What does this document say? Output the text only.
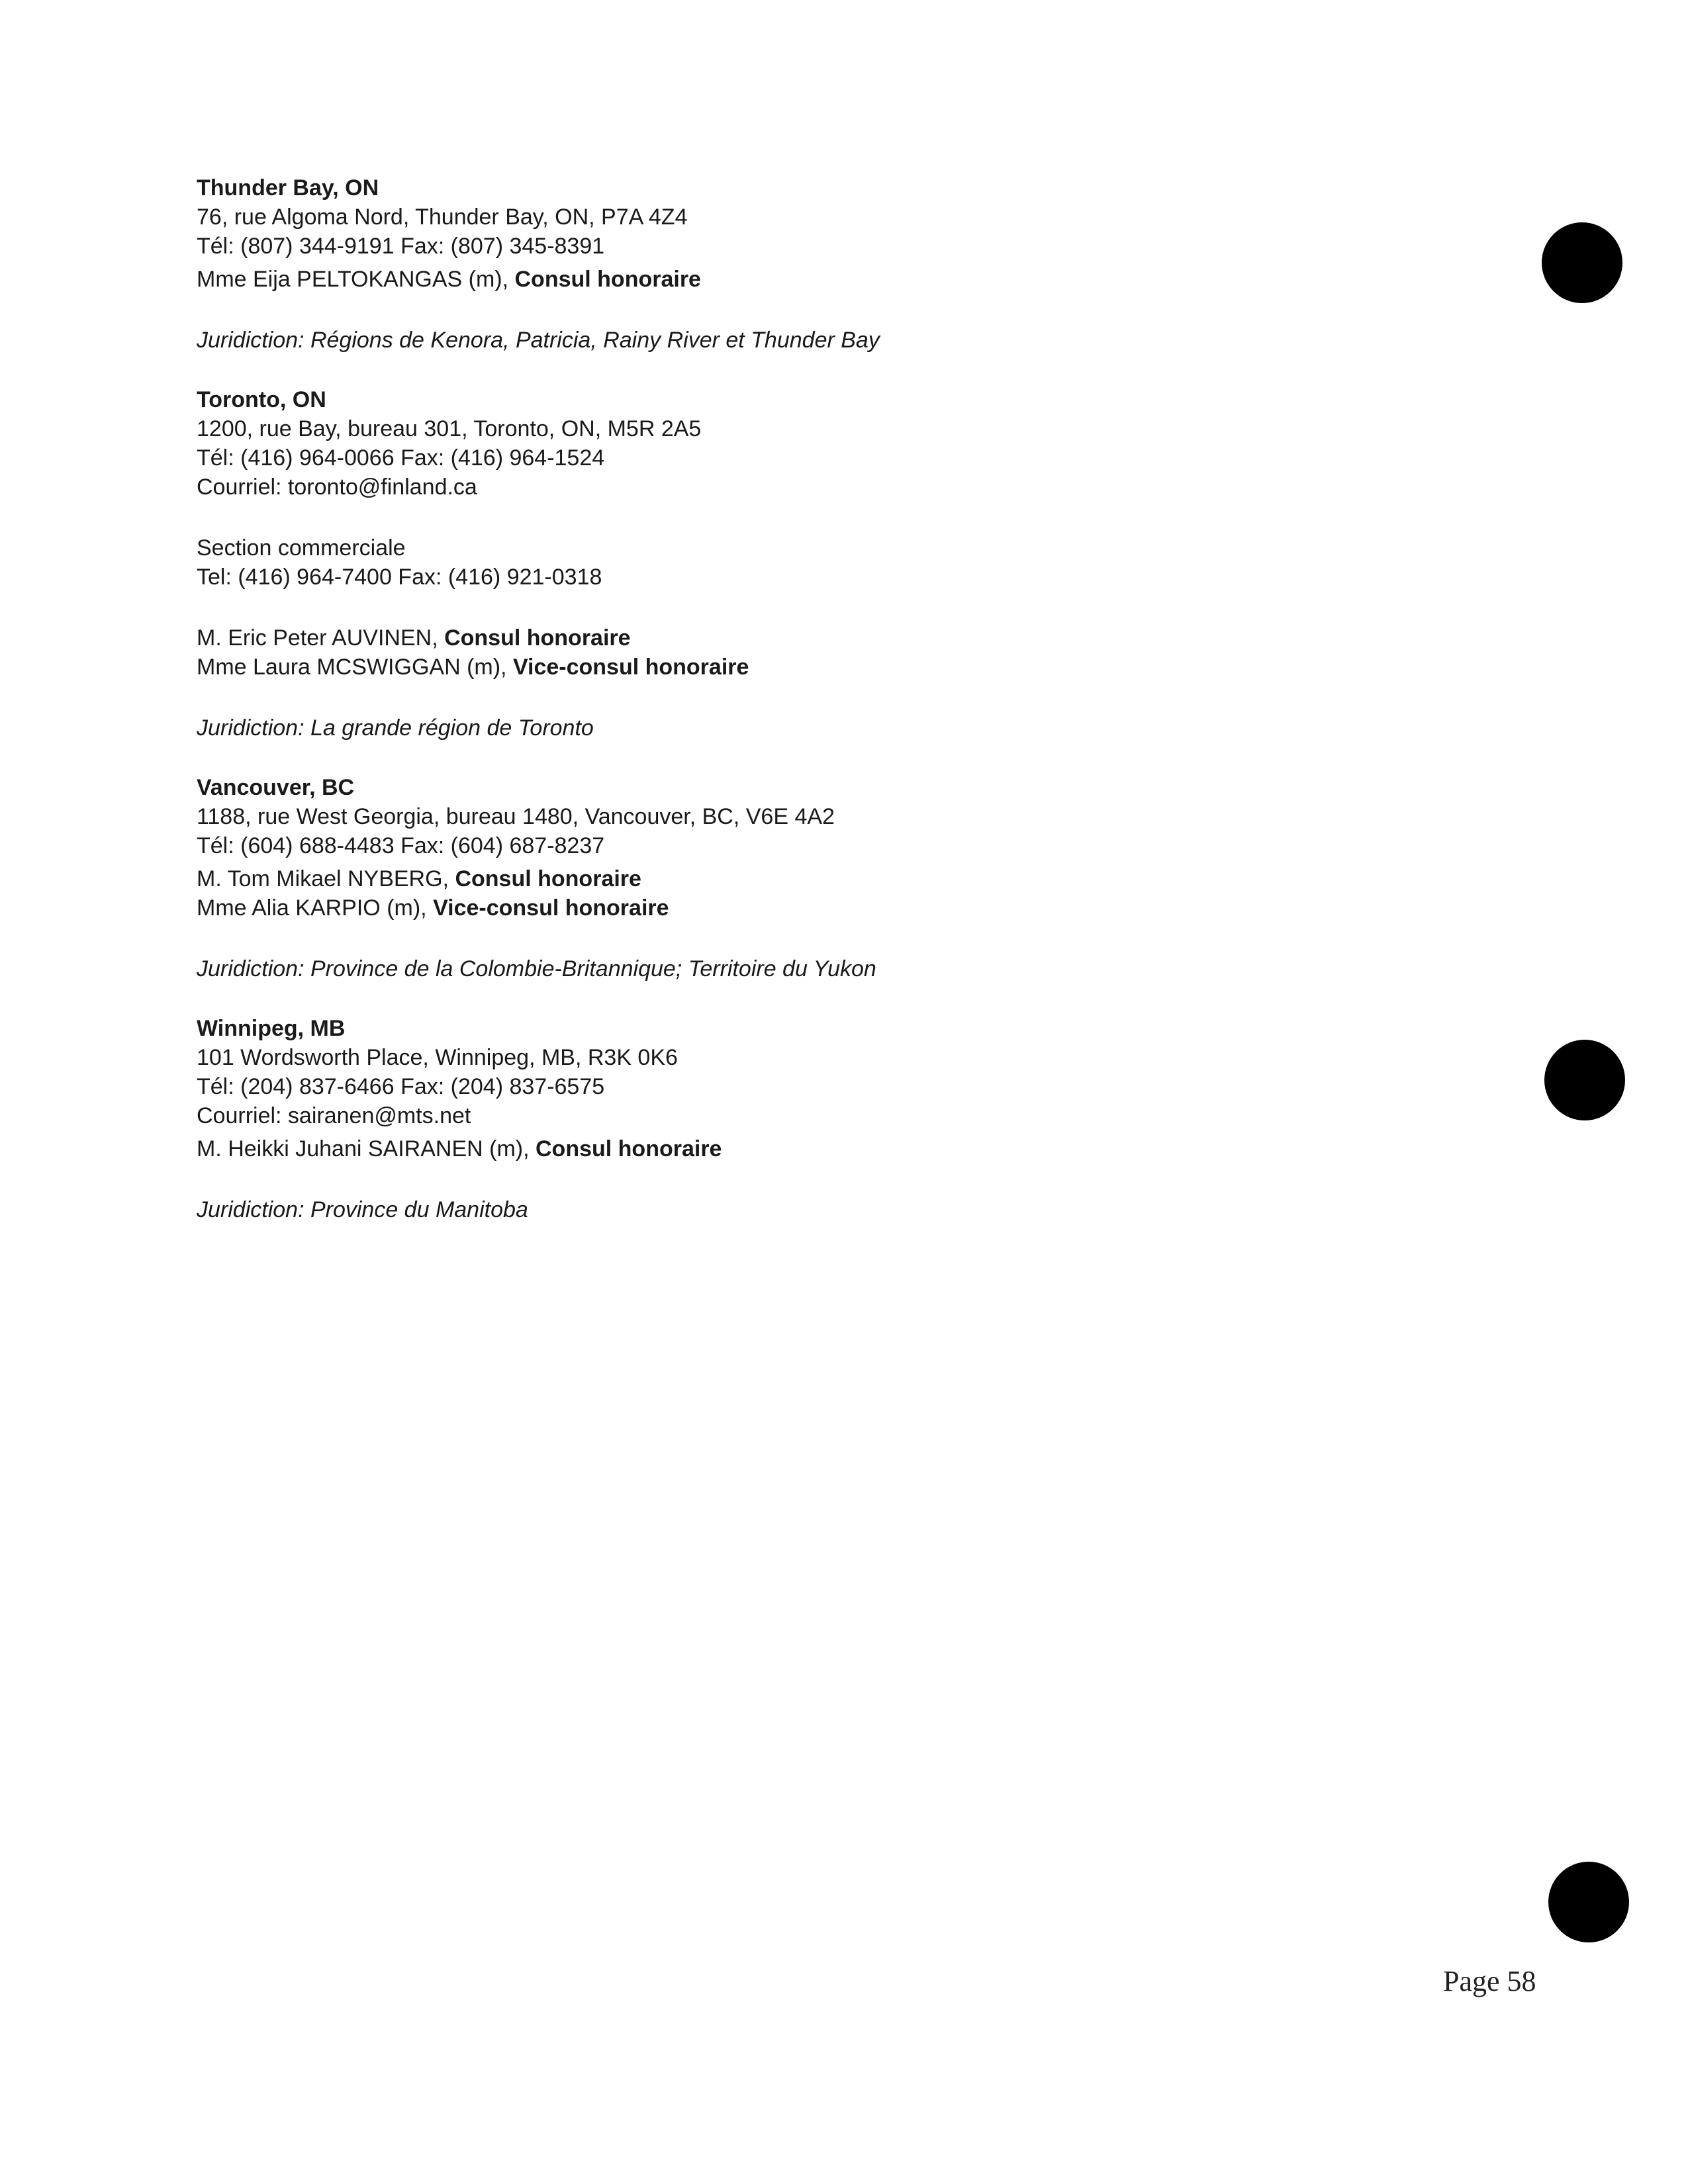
Thunder Bay, ON
76, rue Algoma Nord, Thunder Bay, ON, P7A 4Z4
Tél: (807) 344-9191 Fax: (807) 345-8391
Mme Eija PELTOKANGAS (m), Consul honoraire
Juridiction: Régions de Kenora, Patricia, Rainy River et Thunder Bay
Toronto, ON
1200, rue Bay, bureau 301, Toronto, ON, M5R 2A5
Tél: (416) 964-0066 Fax: (416) 964-1524
Courriel: toronto@finland.ca
Section commerciale
Tel: (416) 964-7400 Fax: (416) 921-0318
M. Eric Peter AUVINEN, Consul honoraire
Mme Laura MCSWIGGAN (m), Vice-consul honoraire
Juridiction: La grande région de Toronto
Vancouver, BC
1188, rue West Georgia, bureau 1480, Vancouver, BC, V6E 4A2
Tél: (604) 688-4483 Fax: (604) 687-8237
M. Tom Mikael NYBERG, Consul honoraire
Mme Alia KARPIO (m), Vice-consul honoraire
Juridiction: Province de la Colombie-Britannique; Territoire du Yukon
Winnipeg, MB
101 Wordsworth Place, Winnipeg, MB, R3K 0K6
Tél: (204) 837-6466 Fax: (204) 837-6575
Courriel: sairanen@mts.net
M. Heikki Juhani SAIRANEN (m), Consul honoraire
Juridiction: Province du Manitoba
Page 58
